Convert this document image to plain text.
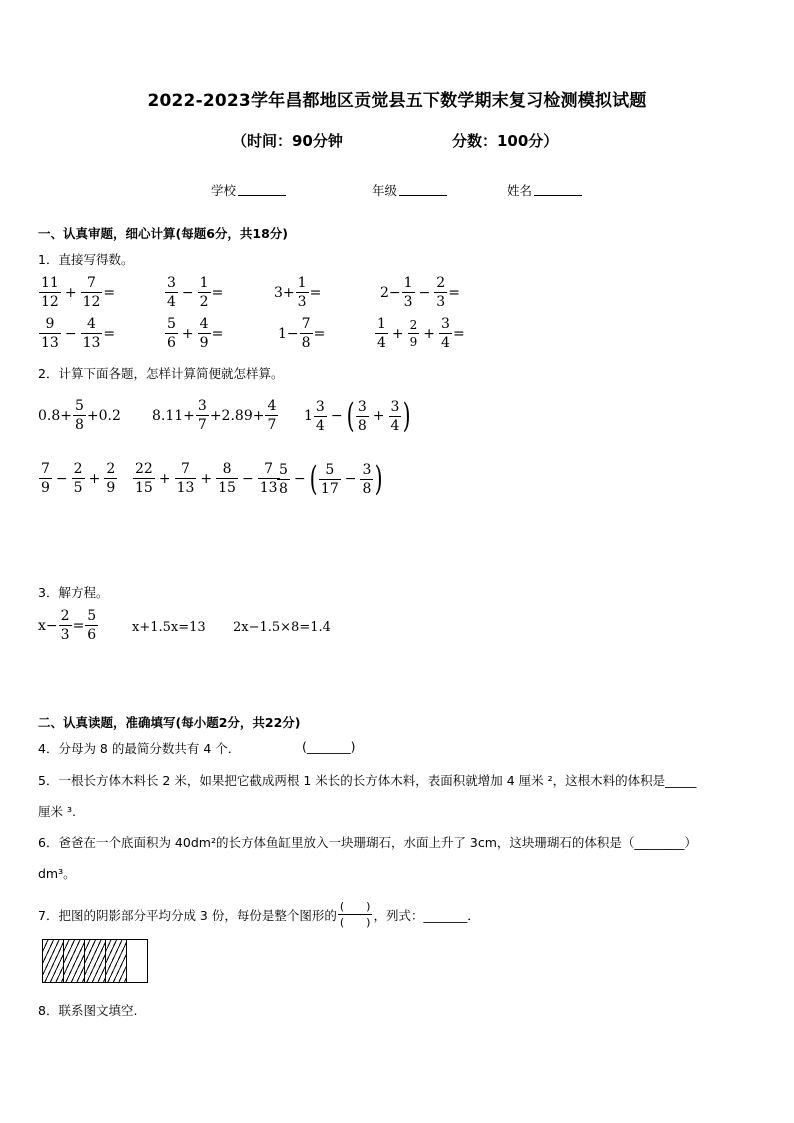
2022-2023学年昌都地区贡觉县五下数学期末复习检测模拟试题
（时间：90分钟	分数：100分）
学校	年级	姓名
一、认真审题，细心计算(每题6分，共18分)
1．直接写得数。
$\frac{11}{12} + \frac{7}{12}$ =	$\frac{3}{4} - \frac{1}{2}$ =	$3+ \frac{1}{3}$ =	$2- \frac{1}{3} - \frac{2}{3}$ =
$\frac{9}{13} - \frac{4}{13}$ =	$\frac{5}{6} + \frac{4}{9}$ =	$1- \frac{7}{8}$ =	$\frac{1}{4} + \frac{2}{9} + \frac{3}{4}$ =
2．计算下面各题，怎样计算简便就怎样算。
$0.8+ \frac{5}{8} +0.2$ $8.11+ \frac{3}{7} +2.89+ \frac{4}{7} 1 \frac{3}{4}$ − ( $\frac{3}{8} + \frac{3}{4}$ )
$\frac{7}{9} - \frac{2}{5} + \frac{2}{9} \frac{22}{15} + \frac{7}{13} + \frac{8}{15} - \frac{7}{13}$
$\frac{5}{8}$ − ( $\frac{5}{17} - \frac{3}{8}$ )
3．解方程。
$x- \frac{2}{3} = \frac{5}{6}$	x+1.5x=13 2x−1.5×8=1.4
二、认真读题，准确填写(每小题2分，共22分)
4．分母为 8 的最简分数共有 4 个．	(_______)
5．一根长方体木料长 2 米，如果把它截成两根 1 米长的长方体木料，表面积就增加 4 厘米 ²，这根木料的体积是_____
厘米 ³.
6．爸爸在一个底面积为 40dm²的长方体鱼缸里放入一块珊瑚石，水面上升了 3cm，这块珊瑚石的体积是（________）
dm³。
7．把图的阴影部分平均分成 3 份，每份是整个图形的 $\frac{( )}{( )}$ ，列式：_______．
8．联系图文填空.
